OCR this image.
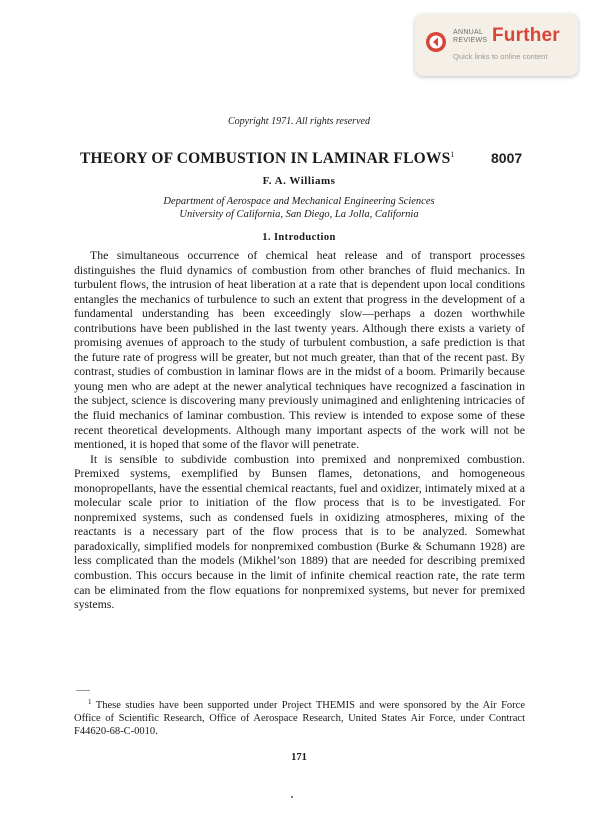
ANNUAL
REVIEWS Further
Quick links to online content
Copyright 1971. All rights reserved
THEORY OF COMBUSTION IN LAMINAR FLOWS$^1$	8007
F. A. Williams
Department of Aerospace and Mechanical Engineering Sciences
University of California, San Diego, La Jolla, California
1. Introduction

The simultaneous occurrence of chemical heat release and of transport processes distinguishes the fluid dynamics of combustion from other branches of fluid mechanics. In turbulent flows, the intrusion of heat liberation at a rate that is dependent upon local conditions entangles the mechanics of turbulence to such an extent that progress in the development of a fundamental understanding has been exceedingly slow—perhaps a dozen worthwhile contributions have been published in the last twenty years. Although there exists a variety of promising avenues of approach to the study of turbulent combustion, a safe prediction is that the future rate of progress will be greater, but not much greater, than that of the recent past. By contrast, studies of combustion in laminar flows are in the midst of a boom. Primarily because young men who are adept at the newer analytical techniques have recognized a fascination in the subject, science is discovering many previously unimagined and enlightening intricacies of the fluid mechanics of laminar combustion. This review is intended to expose some of these recent theoretical developments. Although many important aspects of the work will not be mentioned, it is hoped that some of the flavor will penetrate.

It is sensible to subdivide combustion into premixed and nonpremixed combustion. Premixed systems, exemplified by Bunsen flames, detonations, and homogeneous monopropellants, have the essential chemical reactants, fuel and oxidizer, intimately mixed at a molecular scale prior to initiation of the flow process that is to be investigated. For nonpremixed systems, such as condensed fuels in oxidizing atmospheres, mixing of the reactants is a necessary part of the flow process that is to be analyzed. Somewhat paradoxically, simplified models for nonpremixed combustion (Burke & Schumann 1928) are less complicated than the models (Mikhel’son 1889) that are needed for describing premixed combustion. This occurs because in the limit of infinite chemical reaction rate, the rate term can be eliminated from the flow equations for nonpremixed systems, but never for premixed systems.

$^1$ These studies have been supported under Project THEMIS and were sponsored by the Air Force Office of Scientific Research, Office of Aerospace Research, United States Air Force, under Contract F44620-68-C-0010.
171
